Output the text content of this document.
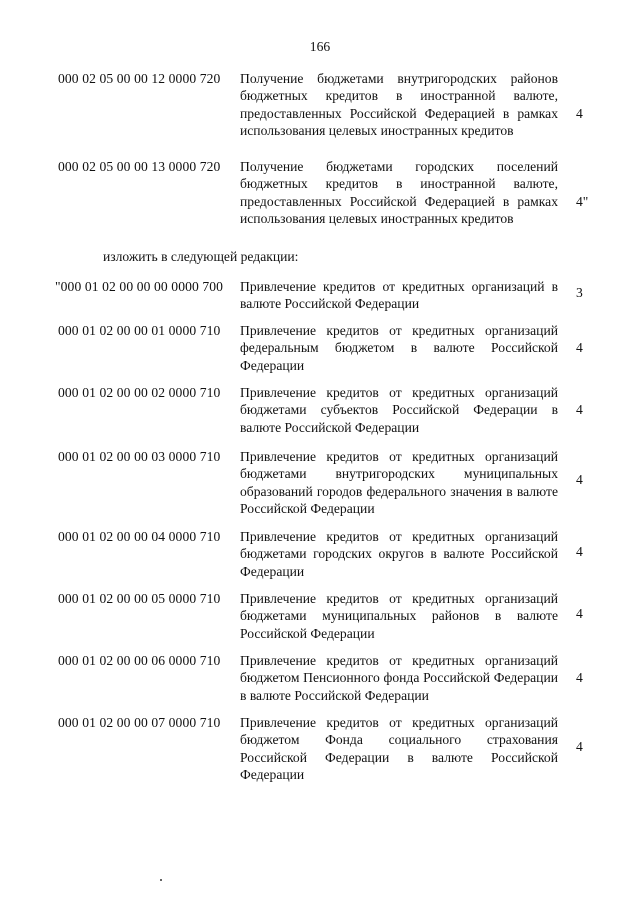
166
000 02 05 00 00 12 0000 720 Получение бюджетами внутригородских районов бюджетных кредитов в иностранной валюте, предоставленных Российской Федерацией в рамках использования целевых иностранных кредитов
4
000 02 05 00 00 13 0000 720 Получение бюджетами городских поселений бюджетных кредитов в иностранной валюте, предоставленных Российской Федерацией в рамках использования целевых иностранных кредитов
4"
изложить в следующей редакции:
"000 01 02 00 00 00 0000 700 Привлечение кредитов от кредитных организаций в валюте Российской Федерации
3
000 01 02 00 00 01 0000 710 Привлечение кредитов от кредитных организаций федеральным бюджетом в валюте Российской Федерации
4
000 01 02 00 00 02 0000 710 Привлечение кредитов от кредитных организаций бюджетами субъектов Российской Федерации в валюте Российской Федерации
4
000 01 02 00 00 03 0000 710 Привлечение кредитов от кредитных организаций бюджетами внутригородских муниципальных образований городов федерального значения в валюте Российской Федерации
4
000 01 02 00 00 04 0000 710 Привлечение кредитов от кредитных организаций бюджетами городских округов в валюте Российской Федерации
4
000 01 02 00 00 05 0000 710 Привлечение кредитов от кредитных организаций бюджетами муниципальных районов в валюте Российской Федерации
4
000 01 02 00 00 06 0000 710 Привлечение кредитов от кредитных организаций бюджетом Пенсионного фонда Российской Федерации в валюте Российской Федерации
4
000 01 02 00 00 07 0000 710 Привлечение кредитов от кредитных организаций бюджетом Фонда социального страхования Российской Федерации в валюте Российской Федерации
4
